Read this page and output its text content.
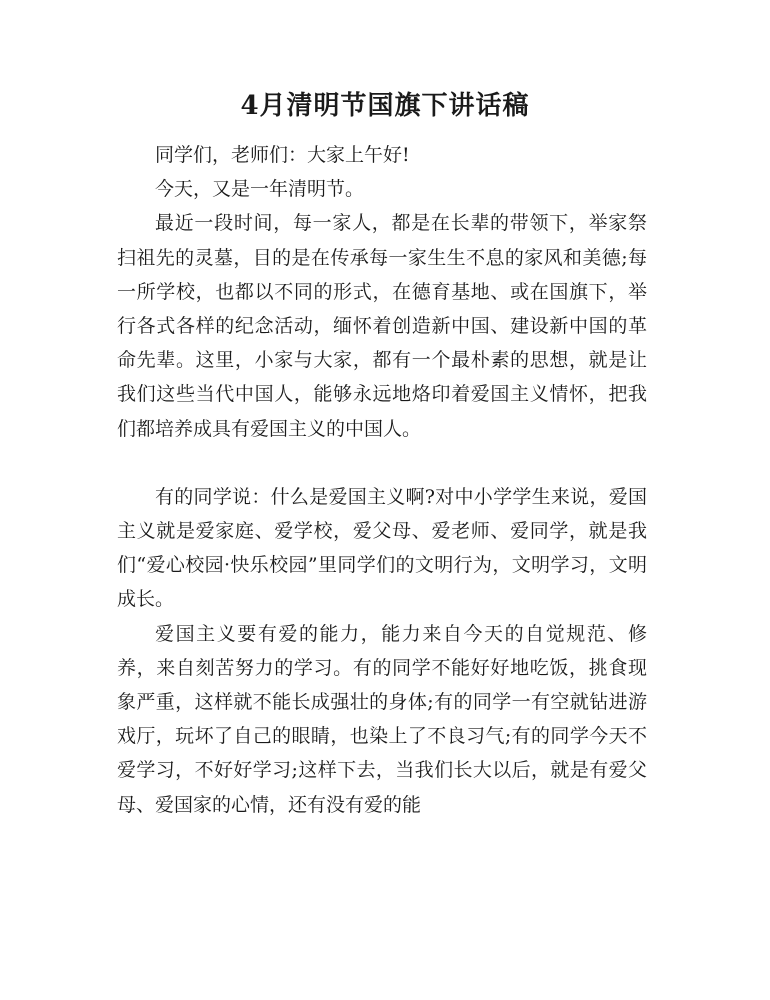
4月清明节国旗下讲话稿

同学们，老师们：大家上午好!

今天，又是一年清明节。

最近一段时间，每一家人，都是在长辈的带领下，举家祭扫祖先的灵墓，目的是在传承每一家生生不息的家风和美德;每一所学校，也都以不同的形式，在德育基地、或在国旗下，举行各式各样的纪念活动，缅怀着创造新中国、建设新中国的革命先辈。这里，小家与大家，都有一个最朴素的思想，就是让我们这些当代中国人，能够永远地烙印着爱国主义情怀，把我们都培养成具有爱国主义的中国人。

有的同学说：什么是爱国主义啊?对中小学学生来说，爱国主义就是爱家庭、爱学校，爱父母、爱老师、爱同学，就是我们“爱心校园·快乐校园”里同学们的文明行为，文明学习，文明成长。

爱国主义要有爱的能力，能力来自今天的自觉规范、修养，来自刻苦努力的学习。有的同学不能好好地吃饭，挑食现象严重，这样就不能长成强壮的身体;有的同学一有空就钻进游戏厅，玩坏了自己的眼睛，也染上了不良习气;有的同学今天不爱学习，不好好学习;这样下去，当我们长大以后，就是有爱父母、爱国家的心情，还有没有爱的能
